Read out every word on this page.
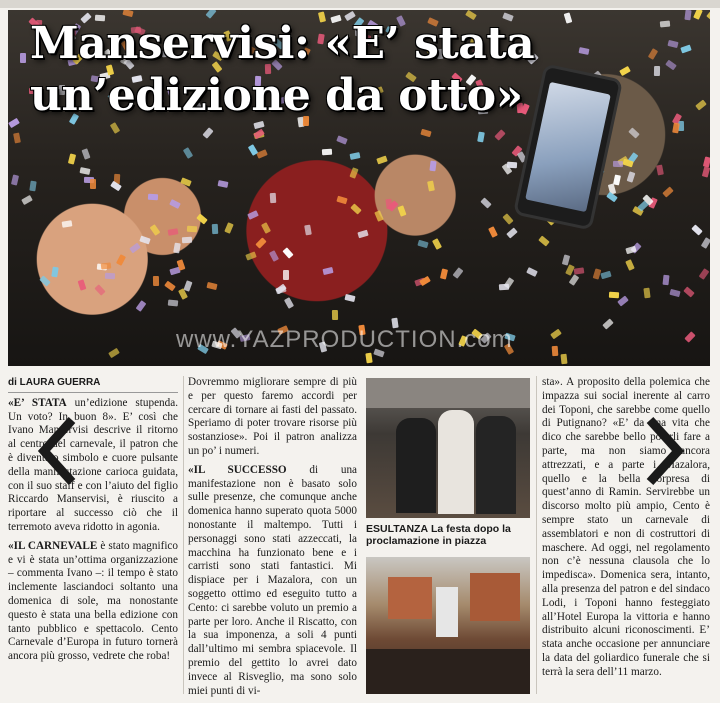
Manservisi: «E’ stata
un’edizione da otto»
www.YAZPRODUCTION.com
di LAURA GUERRA

«E’ STATA un’edizione stupenda. Un voto? In buon 8». E’ così che Ivano Manservisi descrive il ritorno al centro del carnevale, il patron che è diventato simbolo e cuore pulsante della manifestazione carioca guidata, con il suo staff e con l’aiuto del figlio Riccardo Manservisi, è riuscito a riportare al successo ciò che il terremoto aveva ridotto in agonia.

«IL CARNEVALE è stato magnifico e vi è stata un’ottima organizzazione – commenta Ivano –: il tempo è stato inclemente lasciandoci soltanto una domenica di sole, ma nonostante questo è stata una bella edizione con tanto pubblico e spettacolo. Cento Carnevale d’Europa in futuro tornerà ancora più grosso, vedrete che roba!

Dovremmo migliorare sempre di più e per questo faremo accordi per cercare di tornare ai fasti del passato. Speriamo di poter trovare risorse più sostanziose». Poi il patron analizza un po’ i numeri.

«IL SUCCESSO di una manifestazione non è basato solo sulle presenze, che comunque anche domenica hanno superato quota 5000 nonostante il maltempo. Tutti i personaggi sono stati azzeccati, la macchina ha funzionato bene e i carristi sono stati fantastici. Mi dispiace per i Mazalora, con un soggetto ottimo ed eseguito tutto a Cento: ci sarebbe voluto un premio a parte per loro. Anche il Riscatto, con la sua imponenza, a soli 4 punti dall’ultimo mi sembra spiacevole. Il premio del gettito lo avrei dato invece al Risveglio, ma sono solo miei punti di vi-

ESULTANZA La festa dopo la proclamazione in piazza

sta». A proposito della polemica che impazza sui social inerente al carro dei Toponi, che sarebbe come quello di Putignano? «E’ da una vita che dico che sarebbe bello poterli fare a parte, ma non siamo ancora attrezzati, e a parte i Mazalora, quello e la bella sorpresa di quest’anno di Ramin. Servirebbe un discorso molto più ampio, Cento è sempre stato un carnevale di assemblatori e non di costruttori di maschere. Ad oggi, nel regolamento non c’è nessuna clausola che lo impedisca». Domenica sera, intanto, alla presenza del patron e del sindaco Lodi, i Toponi hanno festeggiato all’Hotel Europa la vittoria e hanno distribuito alcuni riconoscimenti. E’ stata anche occasione per annunciare la data del goliardico funerale che si terrà la sera dell’11 marzo.
